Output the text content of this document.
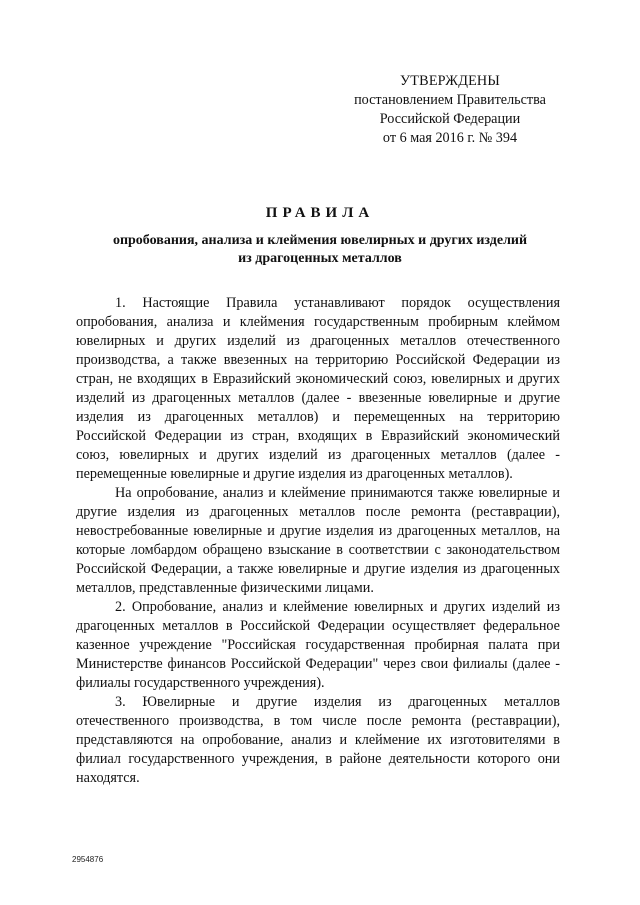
УТВЕРЖДЕНЫ
постановлением Правительства
Российской Федерации
от 6 мая 2016 г. № 394
ПРАВИЛА
опробования, анализа и клеймения ювелирных и других изделий
из драгоценных металлов

1. Настоящие Правила устанавливают порядок осуществления опробования, анализа и клеймения государственным пробирным клеймом ювелирных и других изделий из драгоценных металлов отечественного производства, а также ввезенных на территорию Российской Федерации из стран, не входящих в Евразийский экономический союз, ювелирных и других изделий из драгоценных металлов (далее - ввезенные ювелирные и другие изделия из драгоценных металлов) и перемещенных на территорию Российской Федерации из стран, входящих в Евразийский экономический союз, ювелирных и других изделий из драгоценных металлов (далее - перемещенные ювелирные и другие изделия из драгоценных металлов).

На опробование, анализ и клеймение принимаются также ювелирные и другие изделия из драгоценных металлов после ремонта (реставрации), невостребованные ювелирные и другие изделия из драгоценных металлов, на которые ломбардом обращено взыскание в соответствии с законодательством Российской Федерации, а также ювелирные и другие изделия из драгоценных металлов, представленные физическими лицами.

2. Опробование, анализ и клеймение ювелирных и других изделий из драгоценных металлов в Российской Федерации осуществляет федеральное казенное учреждение "Российская государственная пробирная палата при Министерстве финансов Российской Федерации" через свои филиалы (далее - филиалы государственного учреждения).

3. Ювелирные и другие изделия из драгоценных металлов отечественного производства, в том числе после ремонта (реставрации), представляются на опробование, анализ и клеймение их изготовителями в филиал государственного учреждения, в районе деятельности которого они находятся.

2954876
